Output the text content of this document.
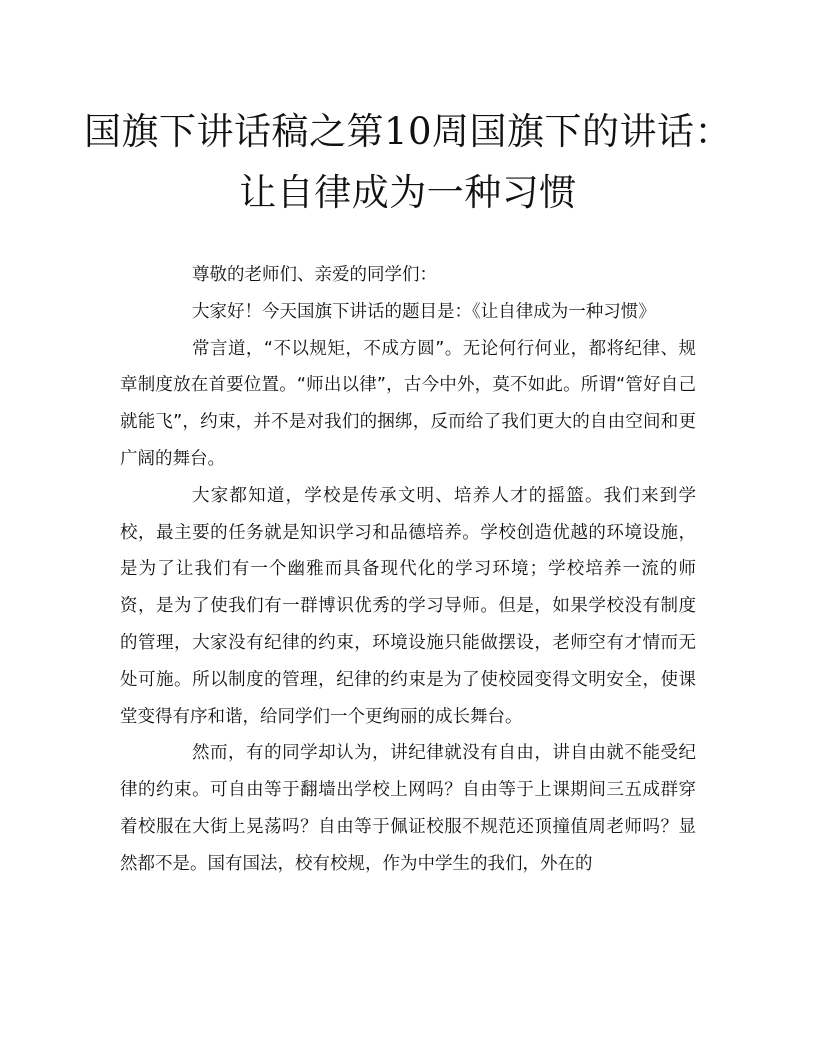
国旗下讲话稿之第10周国旗下的讲话：
让自律成为一种习惯

尊敬的老师们、亲爱的同学们：

大家好！今天国旗下讲话的题目是：《让自律成为一种习惯》

常言道，“不以规矩，不成方圆”。无论何行何业，都将纪律、规章制度放在首要位置。“师出以律”，古今中外，莫不如此。所谓“管好自己就能飞”，约束，并不是对我们的捆绑，反而给了我们更大的自由空间和更广阔的舞台。

大家都知道，学校是传承文明、培养人才的摇篮。我们来到学校，最主要的任务就是知识学习和品德培养。学校创造优越的环境设施，是为了让我们有一个幽雅而具备现代化的学习环境；学校培养一流的师资，是为了使我们有一群博识优秀的学习导师。但是，如果学校没有制度的管理，大家没有纪律的约束，环境设施只能做摆设，老师空有才情而无处可施。所以制度的管理，纪律的约束是为了使校园变得文明安全，使课堂变得有序和谐，给同学们一个更绚丽的成长舞台。

然而，有的同学却认为，讲纪律就没有自由，讲自由就不能受纪律的约束。可自由等于翻墙出学校上网吗？自由等于上课期间三五成群穿着校服在大街上晃荡吗？自由等于佩证校服不规范还顶撞值周老师吗？显然都不是。国有国法，校有校规，作为中学生的我们，外在的
